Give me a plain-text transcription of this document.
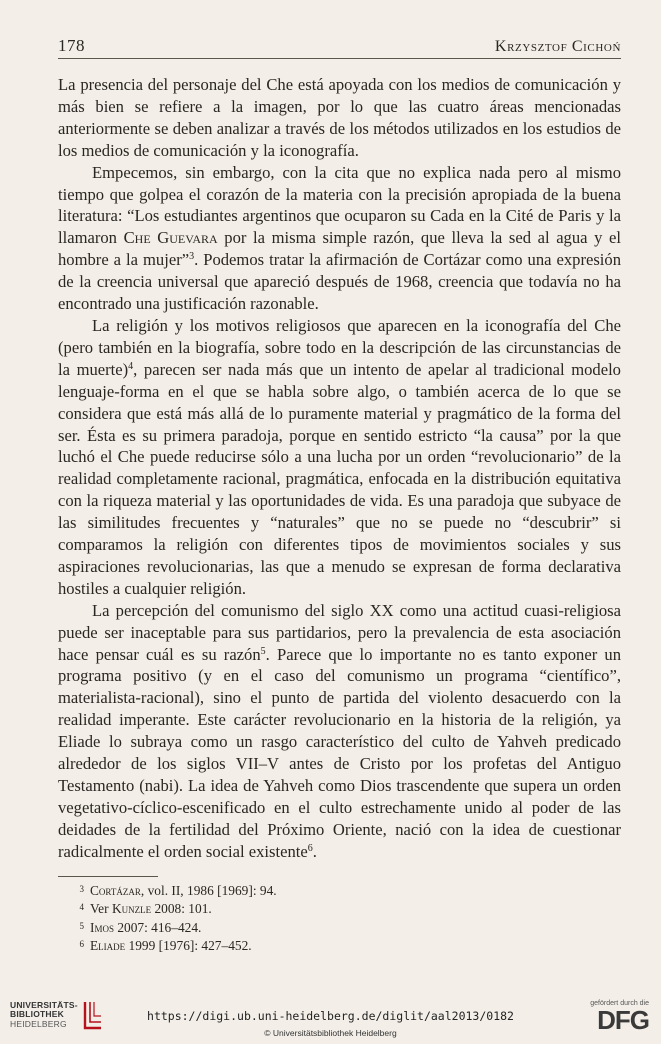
178	Krzysztof Cichoń

La presencia del personaje del Che está apoyada con los medios de comunicación y más bien se refiere a la imagen, por lo que las cuatro áreas mencionadas anteriormente se deben analizar a través de los métodos utilizados en los estudios de los medios de comunicación y la iconografía.

Empecemos, sin embargo, con la cita que no explica nada pero al mismo tiempo que golpea el corazón de la materia con la precisión apropiada de la buena literatura: “Los estudiantes argentinos que ocuparon su Cada en la Cité de Paris y la llamaron Che Guevara por la misma simple razón, que lleva la sed al agua y el hombre a la mujer”$^3$. Podemos tratar la afirmación de Cortázar como una expresión de la creencia universal que apareció después de 1968, creencia que todavía no ha encontrado una justificación razonable.

La religión y los motivos religiosos que aparecen en la iconografía del Che (pero también en la biografía, sobre todo en la descripción de las circunstancias de la muerte)$^4$, parecen ser nada más que un intento de apelar al tradicional modelo lenguaje-forma en el que se habla sobre algo, o también acerca de lo que se considera que está más allá de lo puramente material y pragmático de la forma del ser. Ésta es su primera paradoja, porque en sentido estricto “la causa” por la que luchó el Che puede reducirse sólo a una lucha por un orden “revolucionario” de la realidad completamente racional, pragmática, enfocada en la distribución equitativa con la riqueza material y las oportunidades de vida. Es una paradoja que subyace de las similitudes frecuentes y “naturales” que no se puede no “descubrir” si comparamos la religión con diferentes tipos de movimientos sociales y sus aspiraciones revolucionarias, las que a menudo se expresan de forma declarativa hostiles a cualquier religión.

La percepción del comunismo del siglo XX como una actitud cuasi-religiosa puede ser inaceptable para sus partidarios, pero la prevalencia de esta asociación hace pensar cuál es su razón$^5$. Parece que lo importante no es tanto exponer un programa positivo (y en el caso del comunismo un programa “científico”, materialista-racional), sino el punto de partida del violento desacuerdo con la realidad imperante. Este carácter revolucionario en la historia de la religión, ya Eliade lo subraya como un rasgo característico del culto de Yahveh predicado alrededor de los siglos VII–V antes de Cristo por los profetas del Antiguo Testamento (nabi). La idea de Yahveh como Dios trascendente que supera un orden vegetativo-cíclico-escenificado en el culto estrechamente unido al poder de las deidades de la fertilidad del Próximo Oriente, nació con la idea de cuestionar radicalmente el orden social existente$^6$.

3 Cortázar, vol. II, 1986 [1969]: 94.
4 Ver Kunzle 2008: 101.
5 Imos 2007: 416–424.
6 Eliade 1999 [1976]: 427–452.
UNIVERSITÄTS-
BIBLIOTHEK
HEIDELBERG
https://digi.ub.uni-heidelberg.de/diglit/aal2013/0182
© Universitätsbibliothek Heidelberg
gefördert durch die
DFG
